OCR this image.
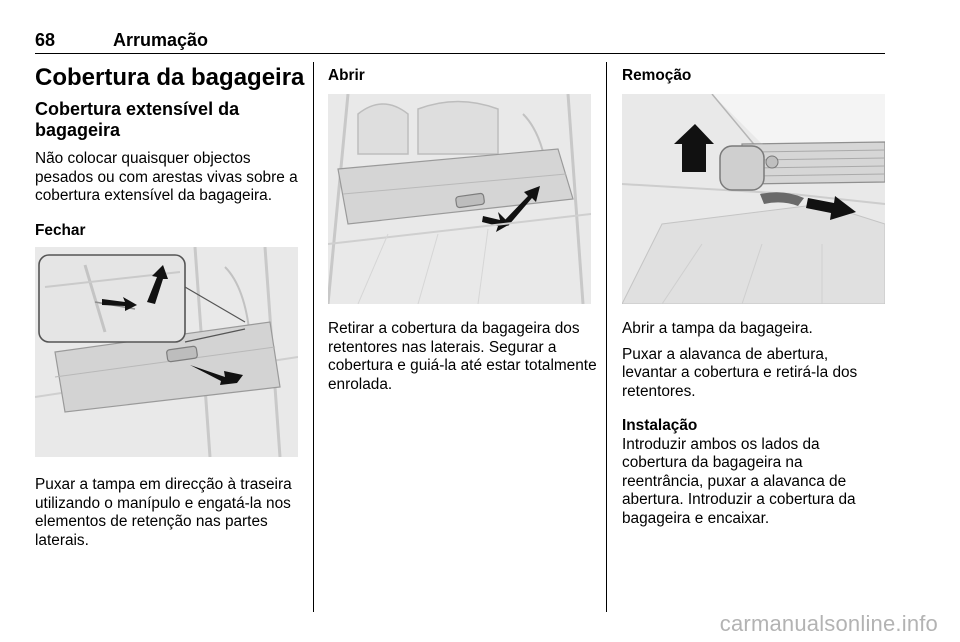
68	Arrumação

Cobertura da bagageira

Cobertura extensível da bagageira

Não colocar quaisquer objectos pesados ou com arestas vivas sobre a cobertura extensível da bagageira.

Fechar

Puxar a tampa em direcção à traseira utilizando o manípulo e engatá-la nos elementos de retenção nas partes laterais.

Abrir

Retirar a cobertura da bagageira dos retentores nas laterais. Segurar a cobertura e guiá-la até estar totalmente enrolada.

Remoção

Abrir a tampa da bagageira.

Puxar a alavanca de abertura, levantar a cobertura e retirá-la dos retentores.

Instalação

Introduzir ambos os lados da cobertura da bagageira na reentrância, puxar a alavanca de abertura. Introduzir a cobertura da bagageira e encaixar.

carmanualsonline.info
